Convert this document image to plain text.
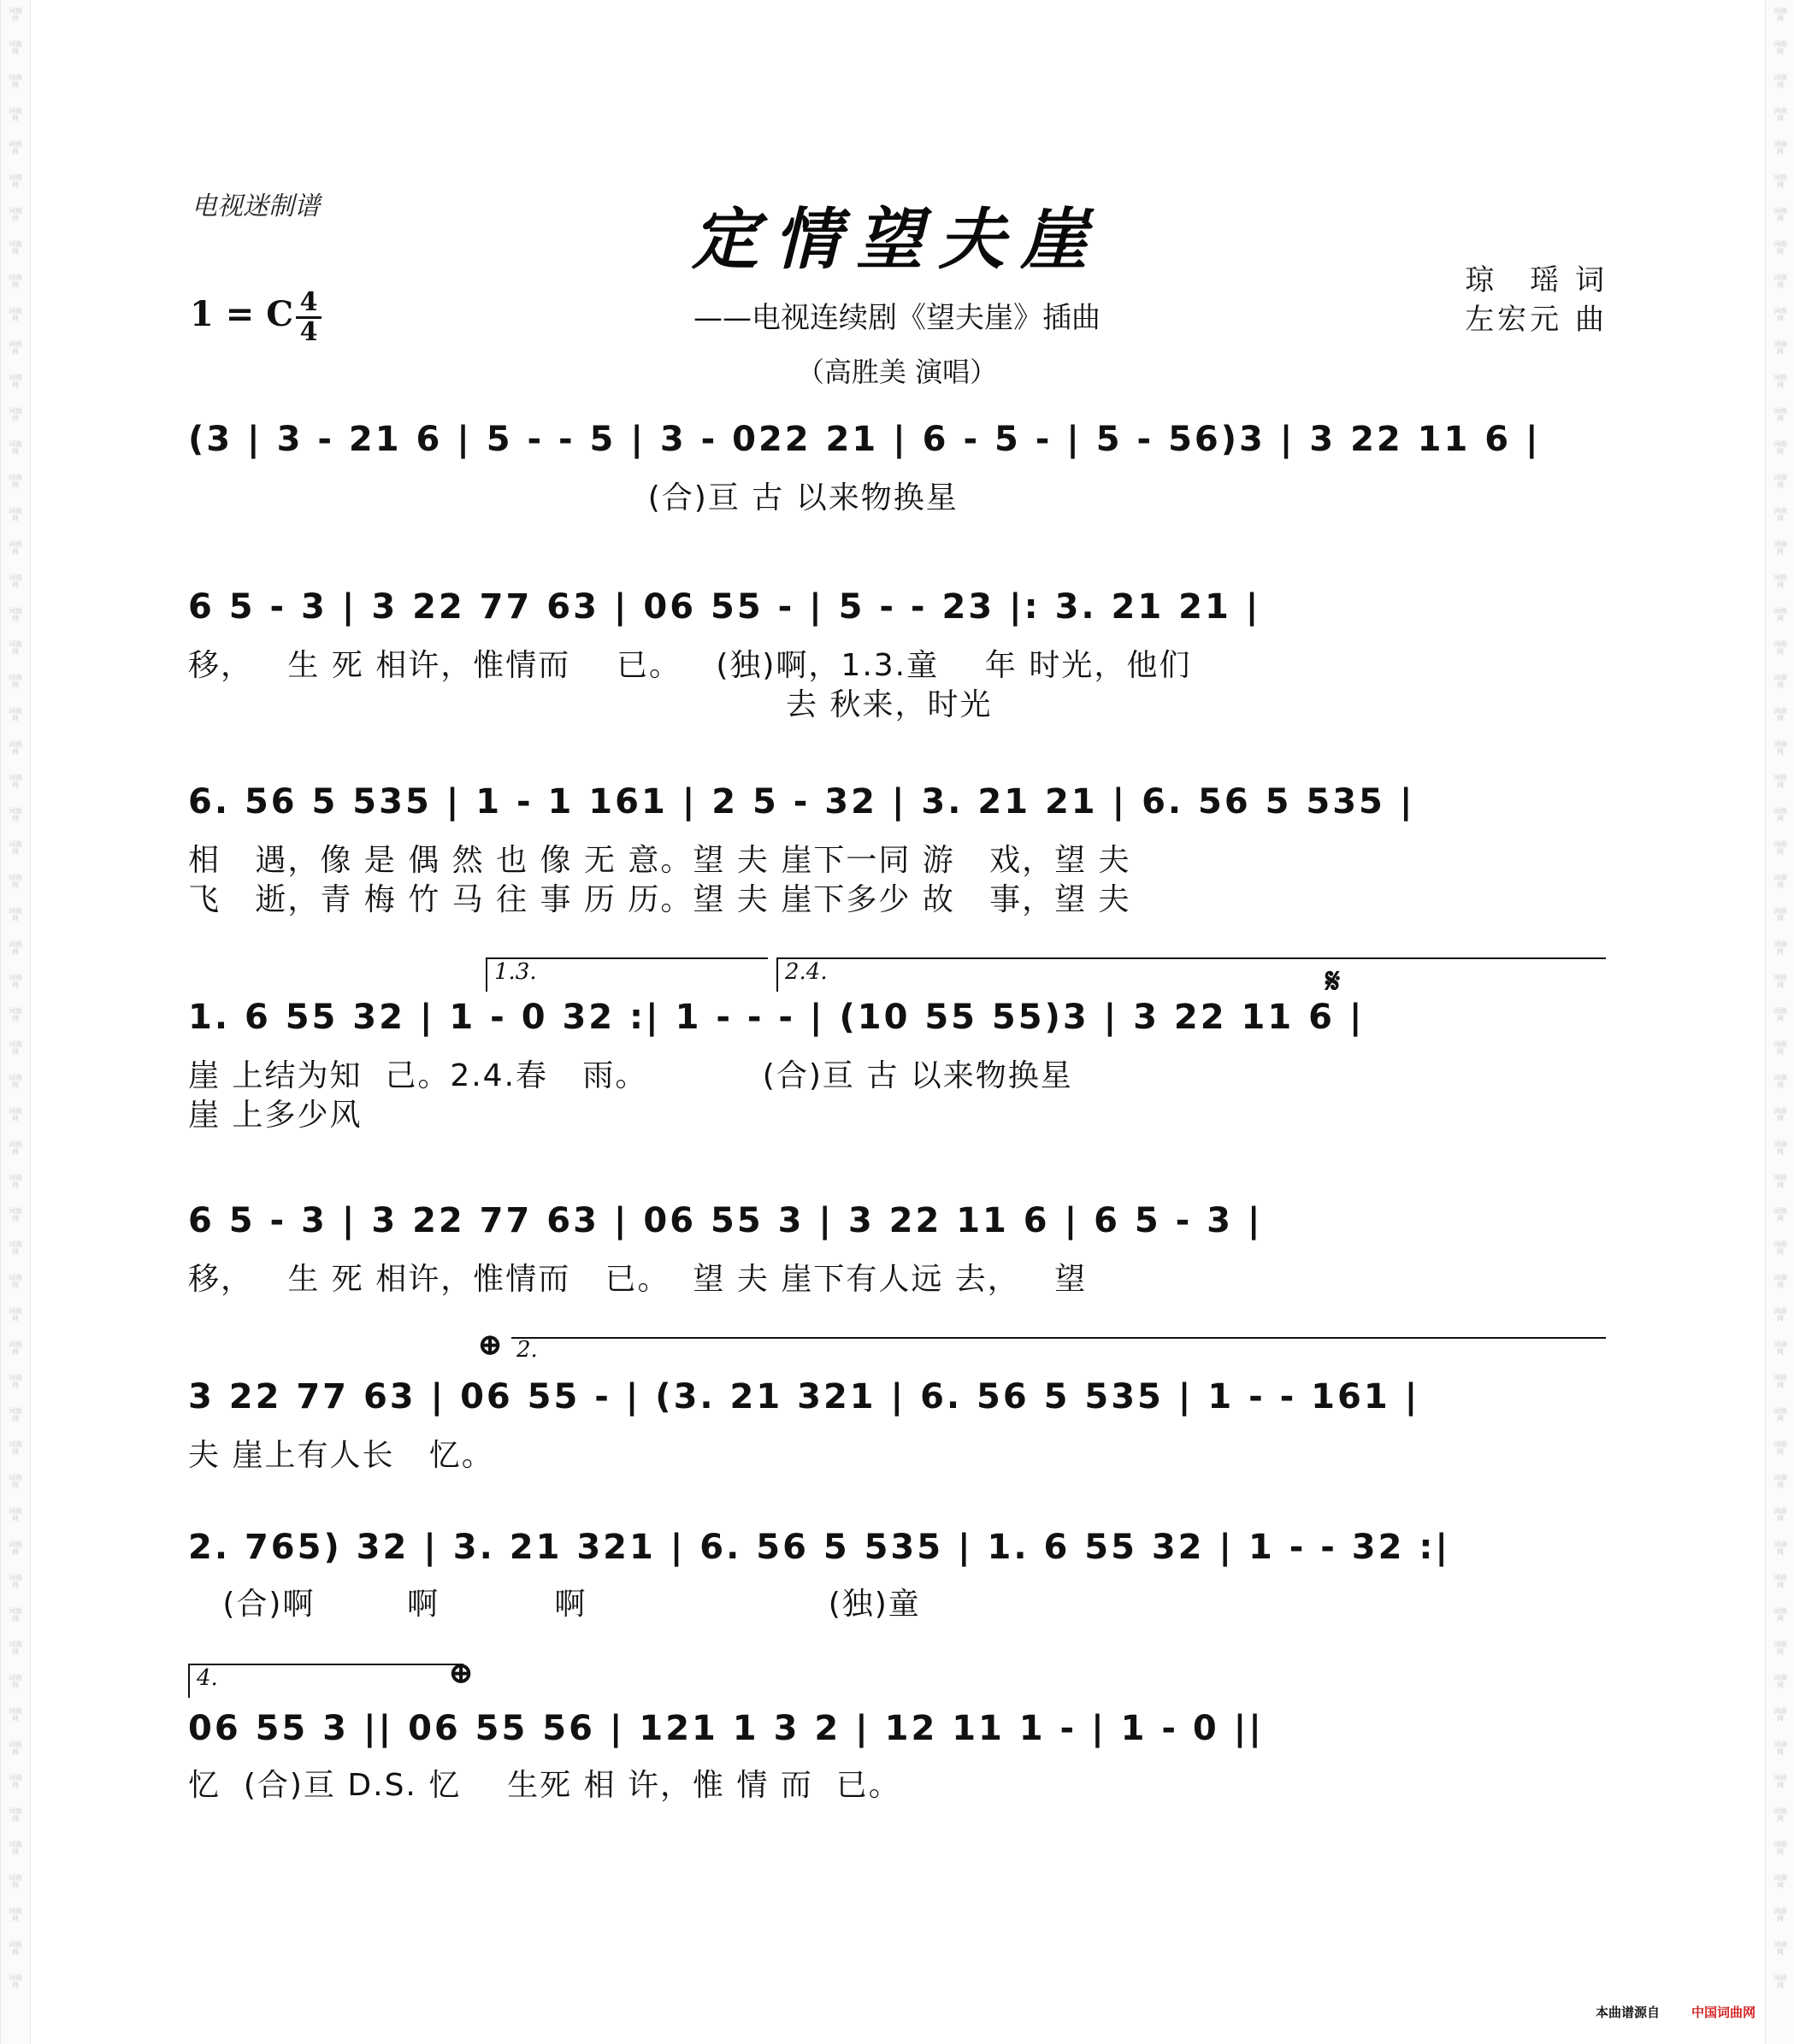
词曲网
词曲网
词曲网
词曲网
词曲网
词曲网
词曲网
词曲网
词曲网
词曲网
词曲网
词曲网
词曲网
词曲网
词曲网
词曲网
词曲网
词曲网
词曲网
词曲网
词曲网
词曲网
词曲网
词曲网
词曲网
词曲网
词曲网
词曲网
词曲网
词曲网
词曲网
词曲网
词曲网
词曲网
词曲网
词曲网
词曲网
词曲网
词曲网
词曲网
词曲网
词曲网
词曲网
词曲网
词曲网
词曲网
词曲网
词曲网
词曲网
词曲网
词曲网
词曲网
词曲网
词曲网
词曲网
词曲网
词曲网
词曲网
词曲网
词曲网
词曲网
词曲网
词曲网
词曲网
词曲网
词曲网
词曲网
词曲网
词曲网
词曲网
词曲网
词曲网
词曲网
词曲网
词曲网
词曲网
词曲网
词曲网
词曲网
词曲网
词曲网
词曲网
词曲网
词曲网
词曲网
词曲网
词曲网
词曲网
词曲网
词曲网
词曲网
词曲网
词曲网
词曲网
词曲网
词曲网
词曲网
词曲网
词曲网
词曲网
词曲网
词曲网
词曲网
词曲网
词曲网
词曲网
词曲网
词曲网
词曲网
词曲网
词曲网
词曲网
词曲网
词曲网
词曲网
词曲网
词曲网
词曲网
词曲网
词曲网
电视迷制谱	定情望夫崖
1 = C 4
4	——电视连续剧《望夫崖》插曲
（高胜美 演唱）
琼　瑶 词
左宏元 曲
(3 | 3 - 21 6 | 5 - - 5 | 3 - 022 21 | 6 - 5 - | 5 - 56)3 | 3 22 11 6 |
(合)亘 古 以来物换星
6 5 - 3 | 3 22 77 63 | 06 55 - | 5 - - 23 |: 3. 21 21 |
移，   生 死 相许，惟情而    已。   (独)啊，1.3.童    年 时光，他们
去 秋来，时光
6. 56 5 535 | 1 - 1 161 | 2 5 - 32 | 3. 21 21 | 6. 56 5 535 |
相   遇，像 是 偶 然 也 像 无 意。望 夫 崖下一同 游   戏，望 夫
飞   逝，青 梅 竹 马 往 事 历 历。望 夫 崖下多少 故   事，望 夫
1.3.	2.4.	𝄋
1. 6 55 32 | 1 - 0 32 :| 1 - - - | (10 55 55)3 | 3 22 11 6 |
崖 上结为知  己。2.4.春   雨。          (合)亘 古 以来物换星
崖 上多少风
6 5 - 3 | 3 22 77 63 | 06 55 3 | 3 22 11 6 | 6 5 - 3 |
移，   生 死 相许，惟情而   已。  望 夫 崖下有人远 去，   望
⊕ 2.
3 22 77 63 | 06 55 - | (3. 21 321 | 6. 56 5 535 | 1 - - 161 |
夫 崖上有人长   忆。
2. 765) 32 | 3. 21 321 | 6. 56 5 535 | 1. 6 55 32 | 1 - - 32 :|
(合)啊        啊          啊                     (独)童
4.	⊕
06 55 3 || 06 55 56 | 121 1 3 2 | 12 11 1 - | 1 - 0 ||
忆  (合)亘 D.S. 忆    生死 相 许，惟 情 而  已。
本曲谱源自 中国词曲网
